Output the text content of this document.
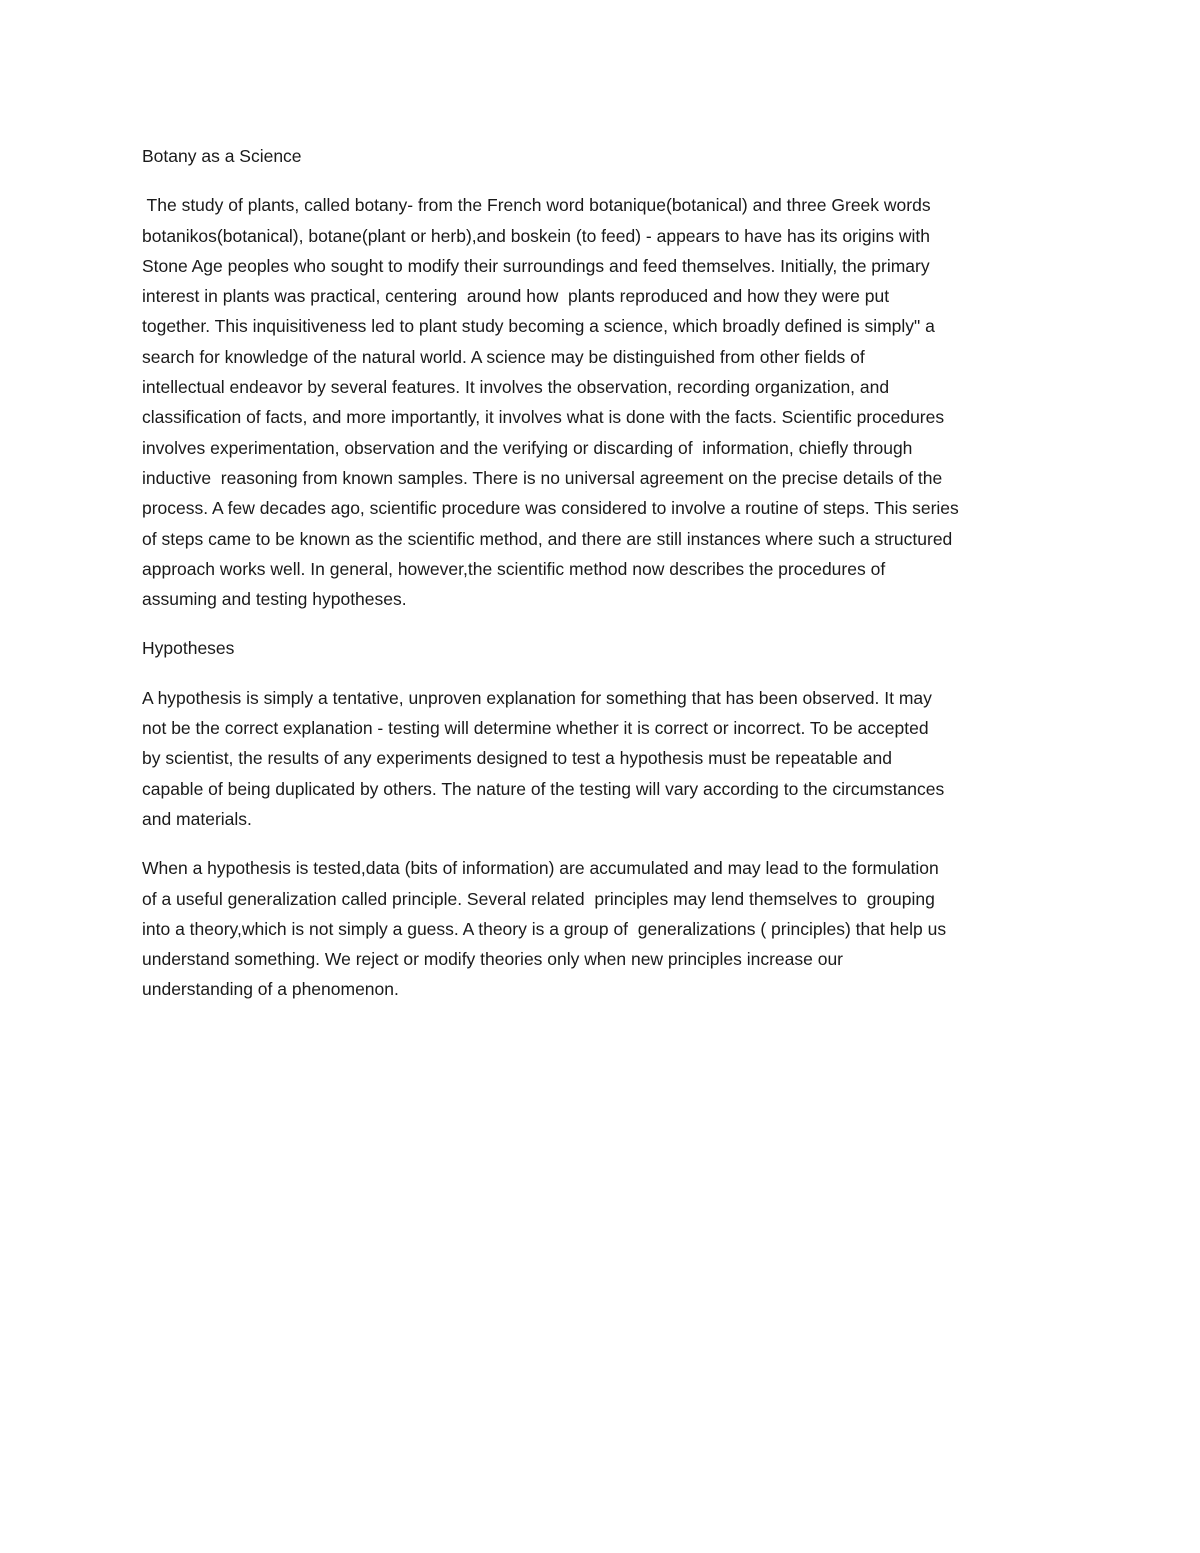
Botany as a Science
The study of plants, called botany- from the French word botanique(botanical) and three Greek words
botanikos(botanical), botane(plant or herb),and boskein (to feed) - appears to have has its origins with
Stone Age peoples who sought to modify their surroundings and feed themselves. Initially, the primary
interest in plants was practical, centering  around how  plants reproduced and how they were put
together. This inquisitiveness led to plant study becoming a science, which broadly defined is simply" a
search for knowledge of the natural world. A science may be distinguished from other fields of
intellectual endeavor by several features. It involves the observation, recording organization, and
classification of facts, and more importantly, it involves what is done with the facts. Scientific procedures
involves experimentation, observation and the verifying or discarding of  information, chiefly through
inductive  reasoning from known samples. There is no universal agreement on the precise details of the
process. A few decades ago, scientific procedure was considered to involve a routine of steps. This series
of steps came to be known as the scientific method, and there are still instances where such a structured
approach works well. In general, however,the scientific method now describes the procedures of
assuming and testing hypotheses.
Hypotheses
A hypothesis is simply a tentative, unproven explanation for something that has been observed. It may
not be the correct explanation - testing will determine whether it is correct or incorrect. To be accepted
by scientist, the results of any experiments designed to test a hypothesis must be repeatable and
capable of being duplicated by others. The nature of the testing will vary according to the circumstances
and materials.
When a hypothesis is tested,data (bits of information) are accumulated and may lead to the formulation
of a useful generalization called principle. Several related  principles may lend themselves to  grouping
into a theory,which is not simply a guess. A theory is a group of  generalizations ( principles) that help us
understand something. We reject or modify theories only when new principles increase our
understanding of a phenomenon.
